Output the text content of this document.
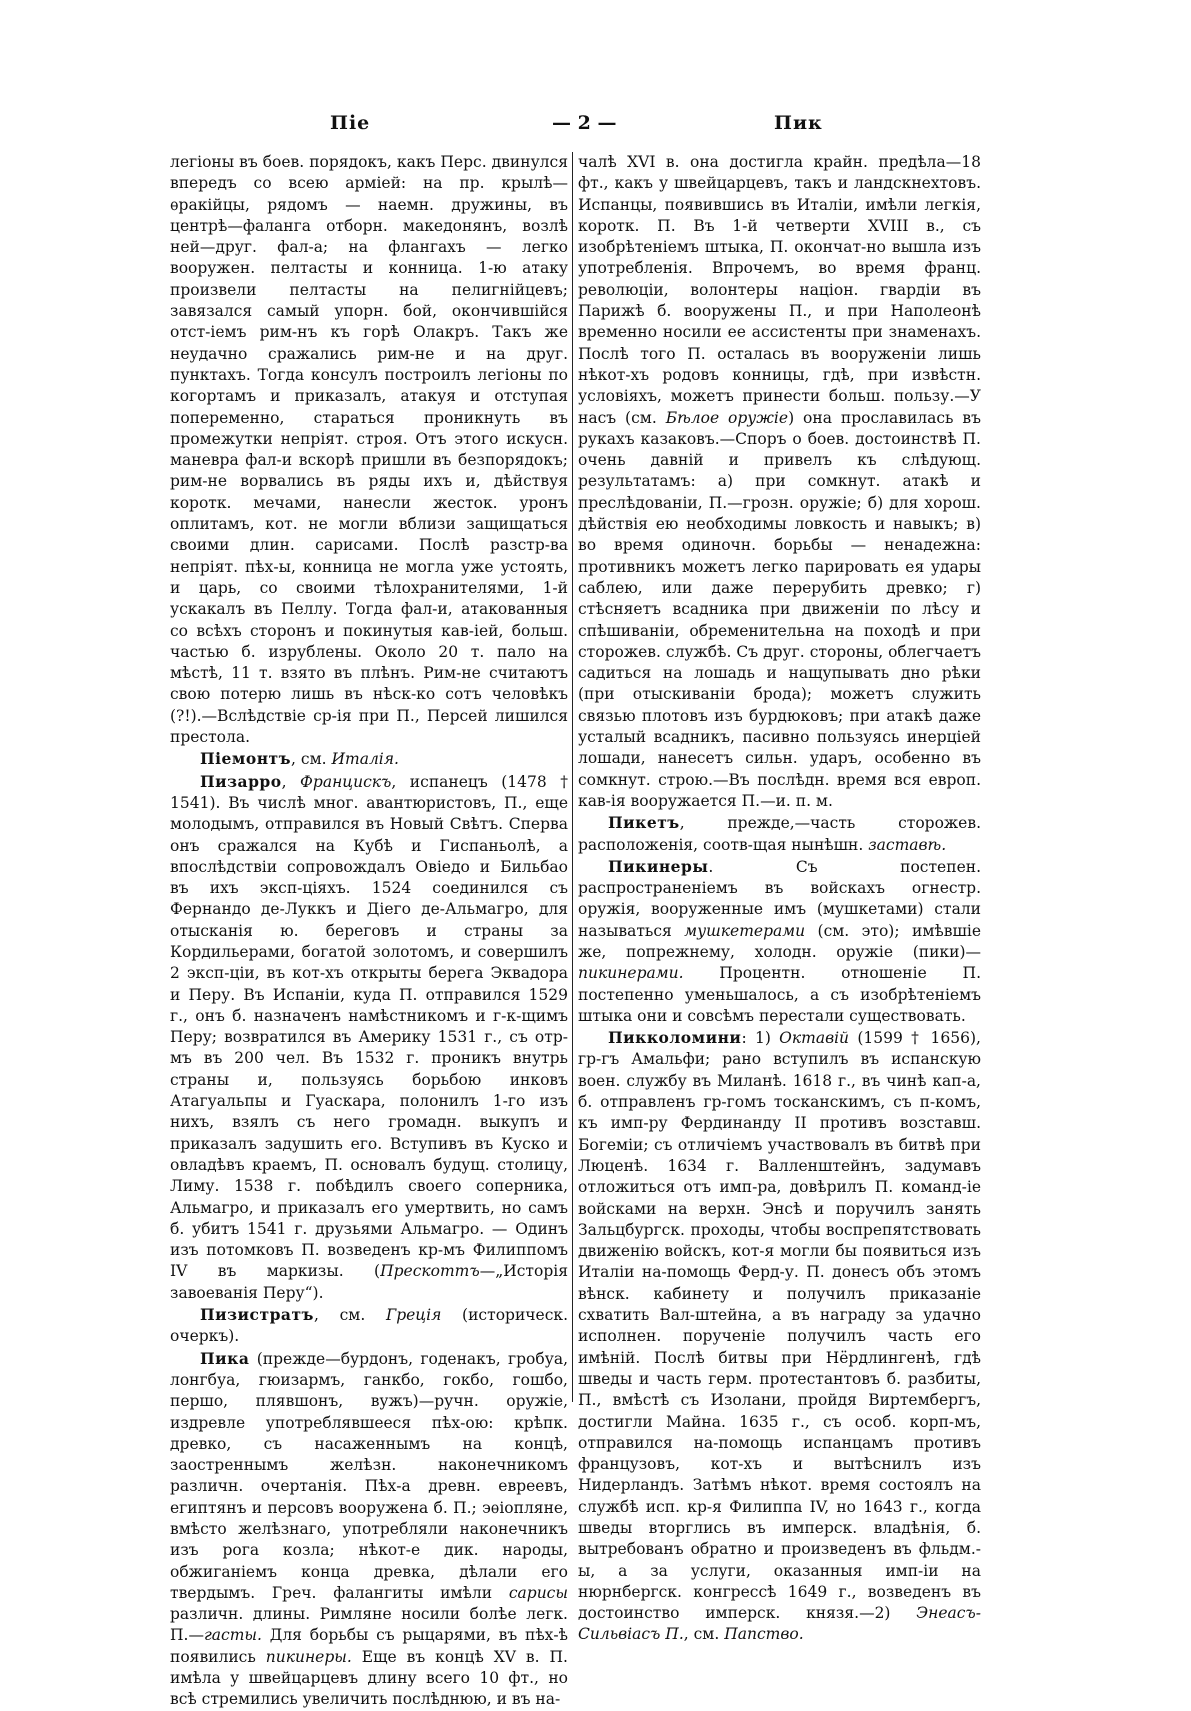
Пie	— 2 —	Пик

легіоны въ боев. порядокъ, какъ Перс. двинулся впередъ со всею арміей: на пр. крылѣ—ѳракійцы, рядомъ — наемн. дружины, въ центрѣ—фаланга отборн. македонянъ, возлѣ ней—друг. фал-а; на флангахъ — легко вооружен. пелтасты и конница. 1-ю атаку произвели пелтасты на пелигнійцевъ; завязался самый упорн. бой, окончившійся отст-іемъ рим-нъ къ горѣ Олакръ. Такъ же неудачно сражались рим-не и на друг. пунктахъ. Тогда консулъ построилъ легіоны по когортамъ и приказалъ, атакуя и отступая попеременно, стараться проникнуть въ промежутки непріят. строя. Отъ этого искусн. маневра фал-и вскорѣ пришли въ безпорядокъ; рим-не ворвались въ ряды ихъ и, дѣйствуя коротк. мечами, нанесли жесток. уронъ оплитамъ, кот. не могли вблизи защищаться своими длин. сарисами. Послѣ разстр-ва непріят. пѣх-ы, конница не могла уже устоять, и царь, со своими тѣлохранителями, 1-й ускакалъ въ Пеллу. Тогда фал-и, атакованныя со всѣхъ сторонъ и покинутыя кав-іей, больш. частью б. изрублены. Около 20 т. пало на мѣстѣ, 11 т. взято въ плѣнъ. Рим-не считаютъ свою потерю лишь въ нѣск-ко сотъ человѣкъ (?!).—Вслѣдствіе ср-ія при П., Персей лишился престола.

Піемонтъ, см. Италія.

Пизарро, Францискъ, испанецъ (1478 † 1541). Въ числѣ мног. авантюристовъ, П., еще молодымъ, отправился въ Новый Свѣтъ. Сперва онъ сражался на Кубѣ и Гиспаньолѣ, а впослѣдствіи сопровождалъ Овіедо и Бильбао въ ихъ эксп-ціяхъ. 1524 соединился съ Фернандо де-Луккъ и Діего де-Альмагро, для отысканія ю. береговъ и страны за Кордильерами, богатой золотомъ, и совершилъ 2 эксп-ціи, въ кот-хъ открыты берега Эквадора и Перу. Въ Испаніи, куда П. отправился 1529 г., онъ б. назначенъ намѣстникомъ и г-к-щимъ Перу; возвратился въ Америку 1531 г., съ отр-мъ въ 200 чел. Въ 1532 г. проникъ внутрь страны и, пользуясь борьбою инковъ Атагуальпы и Гуаскара, полонилъ 1-го изъ нихъ, взялъ съ него громадн. выкупъ и приказалъ задушить его. Вступивъ въ Куско и овладѣвъ краемъ, П. основалъ будущ. столицу, Лиму. 1538 г. побѣдилъ своего соперника, Альмагро, и приказалъ его умертвить, но самъ б. убитъ 1541 г. друзьями Альмагро. — Одинъ изъ потомковъ П. возведенъ кр-мъ Филиппомъ IV въ маркизы. (Прескоттъ—„Исторія завоеванія Перу“).

Пизистратъ, см. Греція (историческ. очеркъ).

Пика (прежде—бурдонъ, годенакъ, гробуа, лонгбуа, гюизармъ, ганкбо, гокбо, гошбо, першо, плявшонъ, вужъ)—ручн. оружіе, издревле употреблявшееся пѣх-ою: крѣпк. древко, съ насаженнымъ на концѣ, заостреннымъ желѣзн. наконечникомъ различн. очертанія. Пѣх-а древн. евреевъ, египтянъ и персовъ вооружена б. П.; эѳіопляне, вмѣсто желѣзнаго, употребляли наконечникъ изъ рога козла; нѣкот-е дик. народы, обжиганіемъ конца древка, дѣлали его твердымъ. Греч. фалангиты имѣли сарисы различн. длины. Римляне носили болѣе легк. П.—гасты. Для борьбы съ рыцарями, въ пѣх-ѣ появились пикинеры. Еще въ концѣ XV в. П. имѣла у швейцарцевъ длину всего 10 фт., но всѣ стремились увеличить послѣднюю, и въ на-

чалѣ XVI в. она достигла крайн. предѣла—18 фт., какъ у швейцарцевъ, такъ и ландскнехтовъ. Испанцы, появившись въ Италіи, имѣли легкія, коротк. П. Въ 1-й четверти XVIII в., съ изобрѣтеніемъ штыка, П. окончат-но вышла изъ употребленія. Впрочемъ, во время франц. революціи, волонтеры націон. гвардіи въ Парижѣ б. вооружены П., и при Наполеонѣ временно носили ее ассистенты при знаменахъ. Послѣ того П. осталась въ вооруженіи лишь нѣкот-хъ родовъ конницы, гдѣ, при извѣстн. условіяхъ, можетъ принести больш. пользу.—У насъ (см. Бѣлое оружіе) она прославилась въ рукахъ казаковъ.—Споръ о боев. достоинствѣ П. очень давній и привелъ къ слѣдующ. результатамъ: а) при сомкнут. атакѣ и преслѣдованіи, П.—грозн. оружіе; б) для хорош. дѣйствія ею необходимы ловкость и навыкъ; в) во время одиночн. борьбы — ненадежна: противникъ можетъ легко парировать ея удары саблею, или даже перерубить древко; г) стѣсняетъ всадника при движеніи по лѣсу и спѣшиваніи, обременительна на походѣ и при сторожев. службѣ. Съ друг. стороны, облегчаетъ садиться на лошадь и нащупывать дно рѣки (при отыскиваніи брода); можетъ служить связью плотовъ изъ бурдюковъ; при атакѣ даже усталый всадникъ, пасивно пользуясь инерціей лошади, нанесетъ сильн. ударъ, особенно въ сомкнут. строю.—Въ послѣдн. время вся европ. кав-ія вооружается П.—и. п. м.

Пикетъ, прежде,—часть сторожев. расположенія, соотв-щая нынѣшн. заставѣ.

Пикинеры. Съ постепен. распространеніемъ въ войскахъ огнестр. оружія, вооруженные имъ (мушкетами) стали называться мушкетерами (см. это); имѣвшіе же, попрежнему, холодн. оружіе (пики)—пикинерами. Процентн. отношеніе П. постепенно уменьшалось, а съ изобрѣтеніемъ штыка они и совсѣмъ перестали существовать.

Пикколомини: 1) Октавій (1599 † 1656), гр-гъ Амальфи; рано вступилъ въ испанскую воен. службу въ Миланѣ. 1618 г., въ чинѣ кап-а, б. отправленъ гр-гомъ тосканскимъ, съ п-комъ, къ имп-ру Фердинанду II противъ возставш. Богеміи; съ отличіемъ участвовалъ въ битвѣ при Люценѣ. 1634 г. Валленштейнъ, задумавъ отложиться отъ имп-ра, довѣрилъ П. команд-іе войсками на верхн. Энсѣ и поручилъ занять Зальцбургск. проходы, чтобы воспрепятствовать движенію войскъ, кот-я могли бы появиться изъ Италіи на-помощь Ферд-у. П. донесъ объ этомъ вѣнск. кабинету и получилъ приказаніе схватить Вал-штейна, а въ награду за удачно исполнен. порученіе получилъ часть его имѣній. Послѣ битвы при Нёрдлингенѣ, гдѣ шведы и часть герм. протестантовъ б. разбиты, П., вмѣстѣ съ Изолани, пройдя Виртембергъ, достигли Майна. 1635 г., съ особ. корп-мъ, отправился на-помощь испанцамъ противъ французовъ, кот-хъ и вытѣснилъ изъ Нидерландъ. Затѣмъ нѣкот. время состоялъ на службѣ исп. кр-я Филиппа IV, но 1643 г., когда шведы вторглись въ имперск. владѣнія, б. вытребованъ обратно и произведенъ въ фльдм.-ы, а за услуги, оказанныя имп-іи на нюрнбергск. конгрессѣ 1649 г., возведенъ въ достоинство имперск. князя.—2) Энеасъ-Сильвіасъ П., см. Папство.
